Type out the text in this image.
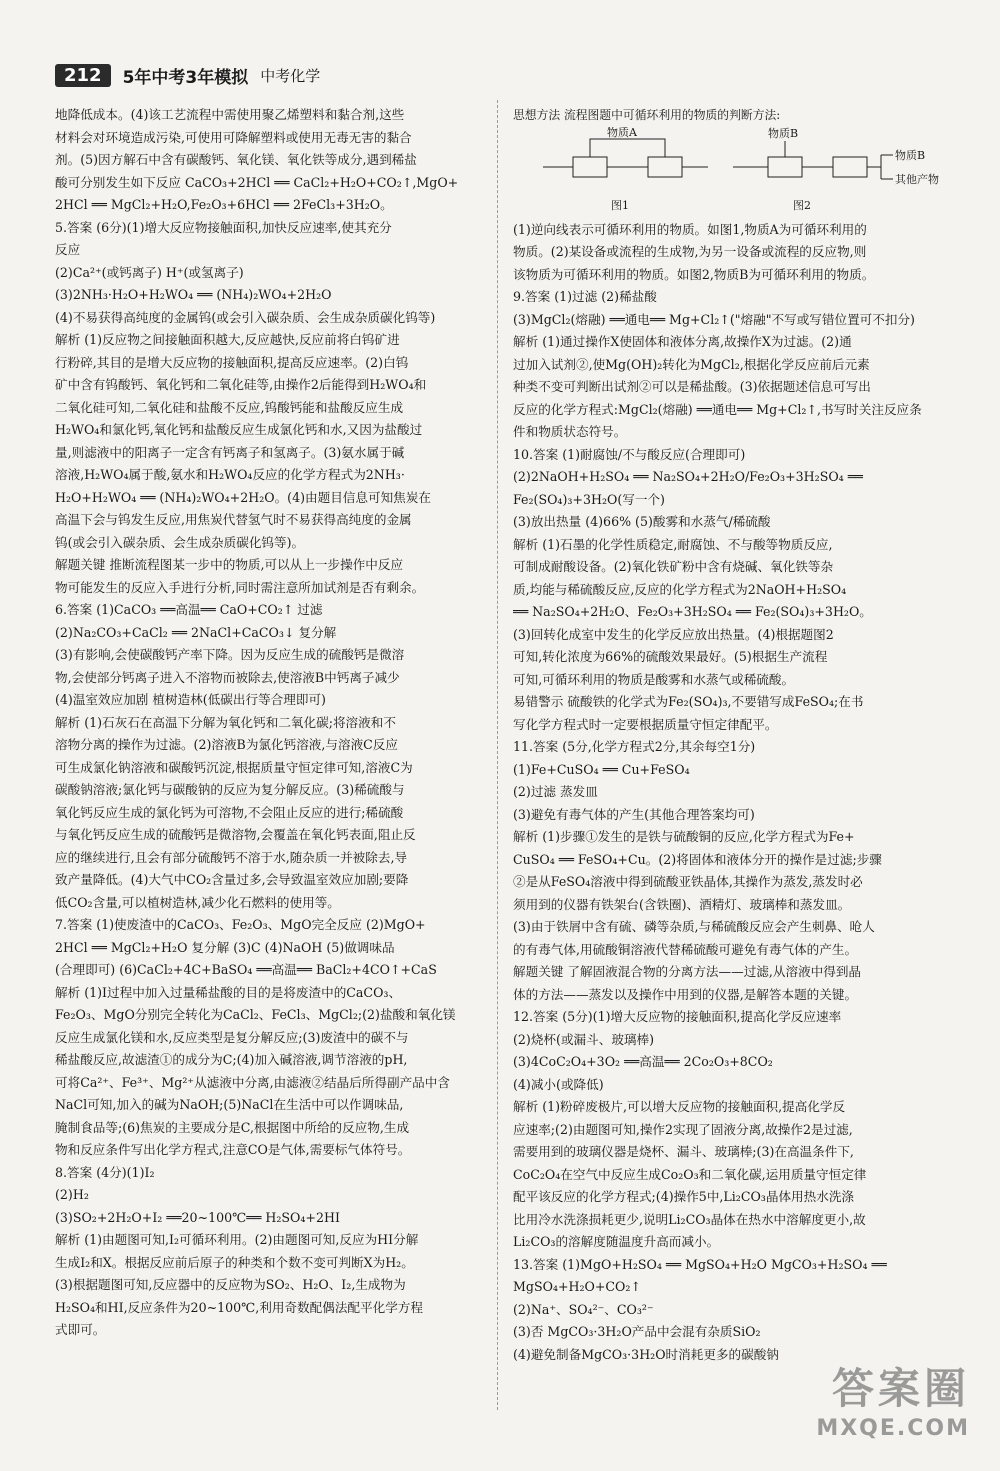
212	5年中考3年模拟 中考化学
地降低成本。(4)该工艺流程中需使用聚乙烯塑料和黏合剂,这些
材料会对环境造成污染,可使用可降解塑料或使用无毒无害的黏合
剂。(5)因方解石中含有碳酸钙、氧化镁、氧化铁等成分,遇到稀盐
酸可分别发生如下反应 CaCO₃+2HCl ══ CaCl₂+H₂O+CO₂↑,MgO+
2HCl ══ MgCl₂+H₂O,Fe₂O₃+6HCl ══ 2FeCl₃+3H₂O。
5.答案 (6分)(1)增大反应物接触面积,加快反应速率,使其充分
反应
(2)Ca²⁺(或钙离子) H⁺(或氢离子)
(3)2NH₃·H₂O+H₂WO₄ ══ (NH₄)₂WO₄+2H₂O
(4)不易获得高纯度的金属钨(或会引入碳杂质、会生成杂质碳化钨等)
解析 (1)反应物之间接触面积越大,反应越快,反应前将白钨矿进
行粉碎,其目的是增大反应物的接触面积,提高反应速率。(2)白钨
矿中含有钨酸钙、氧化钙和二氧化硅等,由操作2后能得到H₂WO₄和
二氧化硅可知,二氧化硅和盐酸不反应,钨酸钙能和盐酸反应生成
H₂WO₄和氯化钙,氧化钙和盐酸反应生成氯化钙和水,又因为盐酸过
量,则滤液中的阳离子一定含有钙离子和氢离子。(3)氨水属于碱
溶液,H₂WO₄属于酸,氨水和H₂WO₄反应的化学方程式为2NH₃·
H₂O+H₂WO₄ ══ (NH₄)₂WO₄+2H₂O。(4)由题目信息可知焦炭在
高温下会与钨发生反应,用焦炭代替氢气时不易获得高纯度的金属
钨(或会引入碳杂质、会生成杂质碳化钨等)。
解题关键 推断流程图某一步中的物质,可以从上一步操作中反应
物可能发生的反应入手进行分析,同时需注意所加试剂是否有剩余。
6.答案 (1)CaCO₃ ══高温══ CaO+CO₂↑ 过滤
(2)Na₂CO₃+CaCl₂ ══ 2NaCl+CaCO₃↓ 复分解
(3)有影响,会使碳酸钙产率下降。因为反应生成的硫酸钙是微溶
物,会使部分钙离子进入不溶物而被除去,使溶液B中钙离子减少
(4)温室效应加剧 植树造林(低碳出行等合理即可)
解析 (1)石灰石在高温下分解为氧化钙和二氧化碳;将溶液和不
溶物分离的操作为过滤。(2)溶液B为氯化钙溶液,与溶液C反应
可生成氯化钠溶液和碳酸钙沉淀,根据质量守恒定律可知,溶液C为
碳酸钠溶液;氯化钙与碳酸钠的反应为复分解反应。(3)稀硫酸与
氧化钙反应生成的氯化钙为可溶物,不会阻止反应的进行;稀硫酸
与氧化钙反应生成的硫酸钙是微溶物,会覆盖在氧化钙表面,阻止反
应的继续进行,且会有部分硫酸钙不溶于水,随杂质一并被除去,导
致产量降低。(4)大气中CO₂含量过多,会导致温室效应加剧;要降
低CO₂含量,可以植树造林,减少化石燃料的使用等。
7.答案 (1)使废渣中的CaCO₃、Fe₂O₃、MgO完全反应 (2)MgO+
2HCl ══ MgCl₂+H₂O 复分解 (3)C (4)NaOH (5)做调味品
(合理即可) (6)CaCl₂+4C+BaSO₄ ══高温══ BaCl₂+4CO↑+CaS
解析 (1)Ⅰ过程中加入过量稀盐酸的目的是将废渣中的CaCO₃、
Fe₂O₃、MgO分别完全转化为CaCl₂、FeCl₃、MgCl₂;(2)盐酸和氧化镁
反应生成氯化镁和水,反应类型是复分解反应;(3)废渣中的碳不与
稀盐酸反应,故滤渣①的成分为C;(4)加入碱溶液,调节溶液的pH,
可将Ca²⁺、Fe³⁺、Mg²⁺从滤液中分离,由滤液②结晶后所得副产品中含
NaCl可知,加入的碱为NaOH;(5)NaCl在生活中可以作调味品,
腌制食品等;(6)焦炭的主要成分是C,根据图中所给的反应物,生成
物和反应条件写出化学方程式,注意CO是气体,需要标气体符号。
8.答案 (4分)(1)I₂
(2)H₂
(3)SO₂+2H₂O+I₂ ══20~100℃══ H₂SO₄+2HI
解析 (1)由题图可知,I₂可循环利用。(2)由题图可知,反应为HI分解
生成I₂和X。根据反应前后原子的种类和个数不变可判断X为H₂。
(3)根据题图可知,反应器中的反应物为SO₂、H₂O、I₂,生成物为
H₂SO₄和HI,反应条件为20~100℃,利用奇数配偶法配平化学方程
式即可。
思想方法 流程图题中可循环利用的物质的判断方法:
物质A
图1
物质B
物质B
其他产物
图2
(1)逆向线表示可循环利用的物质。如图1,物质A为可循环利用的
物质。(2)某设备或流程的生成物,为另一设备或流程的反应物,则
该物质为可循环利用的物质。如图2,物质B为可循环利用的物质。
9.答案 (1)过滤 (2)稀盐酸
(3)MgCl₂(熔融) ══通电══ Mg+Cl₂↑("熔融"不写或写错位置可不扣分)
解析 (1)通过操作X使固体和液体分离,故操作X为过滤。(2)通
过加入试剂②,使Mg(OH)₂转化为MgCl₂,根据化学反应前后元素
种类不变可判断出试剂②可以是稀盐酸。(3)依据题述信息可写出
反应的化学方程式:MgCl₂(熔融) ══通电══ Mg+Cl₂↑,书写时关注反应条
件和物质状态符号。
10.答案 (1)耐腐蚀/不与酸反应(合理即可)
(2)2NaOH+H₂SO₄ ══ Na₂SO₄+2H₂O/Fe₂O₃+3H₂SO₄ ══
Fe₂(SO₄)₃+3H₂O(写一个)
(3)放出热量 (4)66% (5)酸雾和水蒸气/稀硫酸
解析 (1)石墨的化学性质稳定,耐腐蚀、不与酸等物质反应,
可制成耐酸设备。(2)氧化铁矿粉中含有烧碱、氧化铁等杂
质,均能与稀硫酸反应,反应的化学方程式为2NaOH+H₂SO₄
══ Na₂SO₄+2H₂O、Fe₂O₃+3H₂SO₄ ══ Fe₂(SO₄)₃+3H₂O。
(3)回转化成室中发生的化学反应放出热量。(4)根据题图2
可知,转化浓度为66%的硫酸效果最好。(5)根据生产流程
可知,可循环利用的物质是酸雾和水蒸气或稀硫酸。
易错警示 硫酸铁的化学式为Fe₂(SO₄)₃,不要错写成FeSO₄;在书
写化学方程式时一定要根据质量守恒定律配平。
11.答案 (5分,化学方程式2分,其余每空1分)
(1)Fe+CuSO₄ ══ Cu+FeSO₄
(2)过滤 蒸发皿
(3)避免有毒气体的产生(其他合理答案均可)
解析 (1)步骤①发生的是铁与硫酸铜的反应,化学方程式为Fe+
CuSO₄ ══ FeSO₄+Cu。(2)将固体和液体分开的操作是过滤;步骤
②是从FeSO₄溶液中得到硫酸亚铁晶体,其操作为蒸发,蒸发时必
须用到的仪器有铁架台(含铁圈)、酒精灯、玻璃棒和蒸发皿。
(3)由于铁屑中含有硫、磷等杂质,与稀硫酸反应会产生刺鼻、呛人
的有毒气体,用硫酸铜溶液代替稀硫酸可避免有毒气体的产生。
解题关键 了解固液混合物的分离方法——过滤,从溶液中得到晶
体的方法——蒸发以及操作中用到的仪器,是解答本题的关键。
12.答案 (5分)(1)增大反应物的接触面积,提高化学反应速率
(2)烧杯(或漏斗、玻璃棒)
(3)4CoC₂O₄+3O₂ ══高温══ 2Co₂O₃+8CO₂
(4)减小(或降低)
解析 (1)粉碎废极片,可以增大反应物的接触面积,提高化学反
应速率;(2)由题图可知,操作2实现了固液分离,故操作2是过滤,
需要用到的玻璃仪器是烧杯、漏斗、玻璃棒;(3)在高温条件下,
CoC₂O₄在空气中反应生成Co₂O₃和二氧化碳,运用质量守恒定律
配平该反应的化学方程式;(4)操作5中,Li₂CO₃晶体用热水洗涤
比用冷水洗涤损耗更少,说明Li₂CO₃晶体在热水中溶解度更小,故
Li₂CO₃的溶解度随温度升高而减小。
13.答案 (1)MgO+H₂SO₄ ══ MgSO₄+H₂O MgCO₃+H₂SO₄ ══
MgSO₄+H₂O+CO₂↑
(2)Na⁺、SO₄²⁻、CO₃²⁻
(3)否 MgCO₃·3H₂O产品中会混有杂质SiO₂
(4)避免制备MgCO₃·3H₂O时消耗更多的碳酸钠
答案圈
MXQE.COM
